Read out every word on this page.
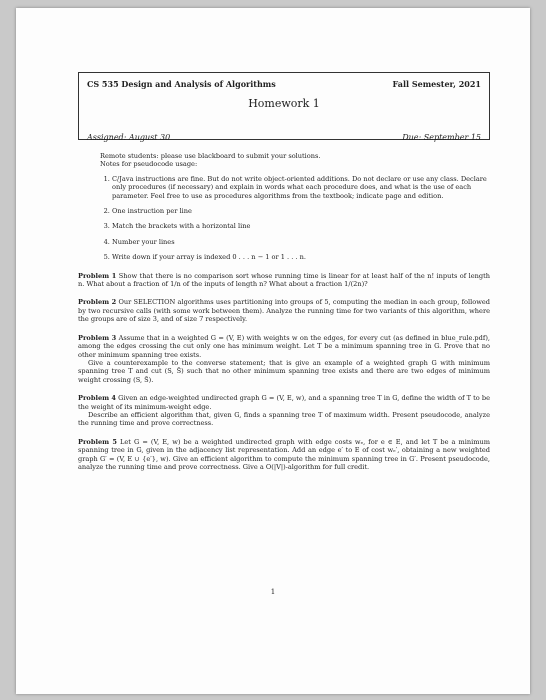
CS 535 Design and Analysis of Algorithms	Fall Semester, 2021
Homework 1
Assigned: August 30	Due: September 15

Remote students: please use blackboard to submit your solutions.

Notes for pseudocode usage:

1. C/Java instructions are fine. But do not write object-oriented additions. Do not declare or use any class. Declare only procedures (if necessary) and explain in words what each procedure does, and what is the use of each parameter. Feel free to use as procedures algorithms from the textbook; indicate page and edition.
2. One instruction per line
3. Match the brackets with a horizontal line
4. Number your lines
5. Write down if your array is indexed 0 . . . n − 1 or 1 . . . n.

Problem 1 Show that there is no comparison sort whose running time is linear for at least half of the n! inputs of length n. What about a fraction of 1/n of the inputs of length n? What about a fraction 1/(2n)?

Problem 2 Our SELECTION algorithms uses partitioning into groups of 5, computing the median in each group, followed by two recursive calls (with some work between them). Analyze the running time for two variants of this algorithm, where the groups are of size 3, and of size 7 respectively.

Problem 3 Assume that in a weighted G = (V, E) with weights w on the edges, for every cut (as defined in blue_rule.pdf), among the edges crossing the cut only one has minimum weight. Let T be a minimum spanning tree in G. Prove that no other minimum spanning tree exists.

Give a counterexample to the converse statement; that is give an example of a weighted graph G with minimum spanning tree T and cut (S, S̄) such that no other minimum spanning tree exists and there are two edges of minimum weight crossing (S, S̄).

Problem 4 Given an edge-weighted undirected graph G = (V, E, w), and a spanning tree T in G, define the width of T to be the weight of its minimum-weight edge.

Describe an efficient algorithm that, given G, finds a spanning tree T of maximum width. Present pseudocode, analyze the running time and prove correctness.

Problem 5 Let G = (V, E, w) be a weighted undirected graph with edge costs wₑ, for e ∈ E, and let T be a minimum spanning tree in G, given in the adjacency list representation. Add an edge e′ to E of cost wₑ′, obtaining a new weighted graph G′ = (V, E ∪ {e′}, w). Give an efficient algorithm to compute the minimum spanning tree in G′. Present pseudocode, analyze the running time and prove correctness. Give a O(|V|)-algorithm for full credit.

1
